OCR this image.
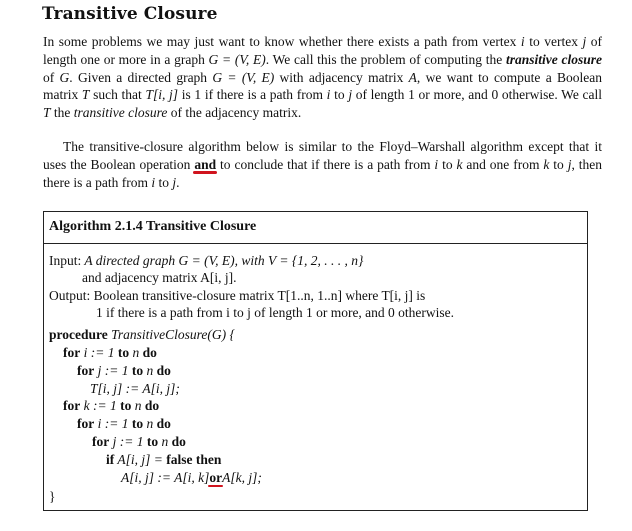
Transitive Closure
In some problems we may just want to know whether there exists a path from vertex i to vertex j of length one or more in a graph G = (V, E). We call this the problem of computing the transitive closure of G. Given a directed graph G = (V, E) with adjacency matrix A, we want to compute a Boolean matrix T such that T[i, j] is 1 if there is a path from i to j of length 1 or more, and 0 otherwise. We call T the transitive closure of the adjacency matrix.
The transitive-closure algorithm below is similar to the Floyd–Warshall algorithm except that it uses the Boolean operation and to conclude that if there is a path from i to k and one from k to j, then there is a path from i to j.
Algorithm 2.1.4 Transitive Closure
Input: A directed graph G = (V, E), with V = {1, 2, . . . , n}
and adjacency matrix A[i, j].
Output: Boolean transitive-closure matrix T[1..n, 1..n] where T[i, j] is
1 if there is a path from i to j of length 1 or more, and 0 otherwise.
procedure TransitiveClosure(G) {
for i := 1 to n do
for j := 1 to n do
T[i, j] := A[i, j];
for k := 1 to n do
for i := 1 to n do
for j := 1 to n do
if A[i, j] = false then
A[i, j] := A[i, k]orA[k, j];
}
